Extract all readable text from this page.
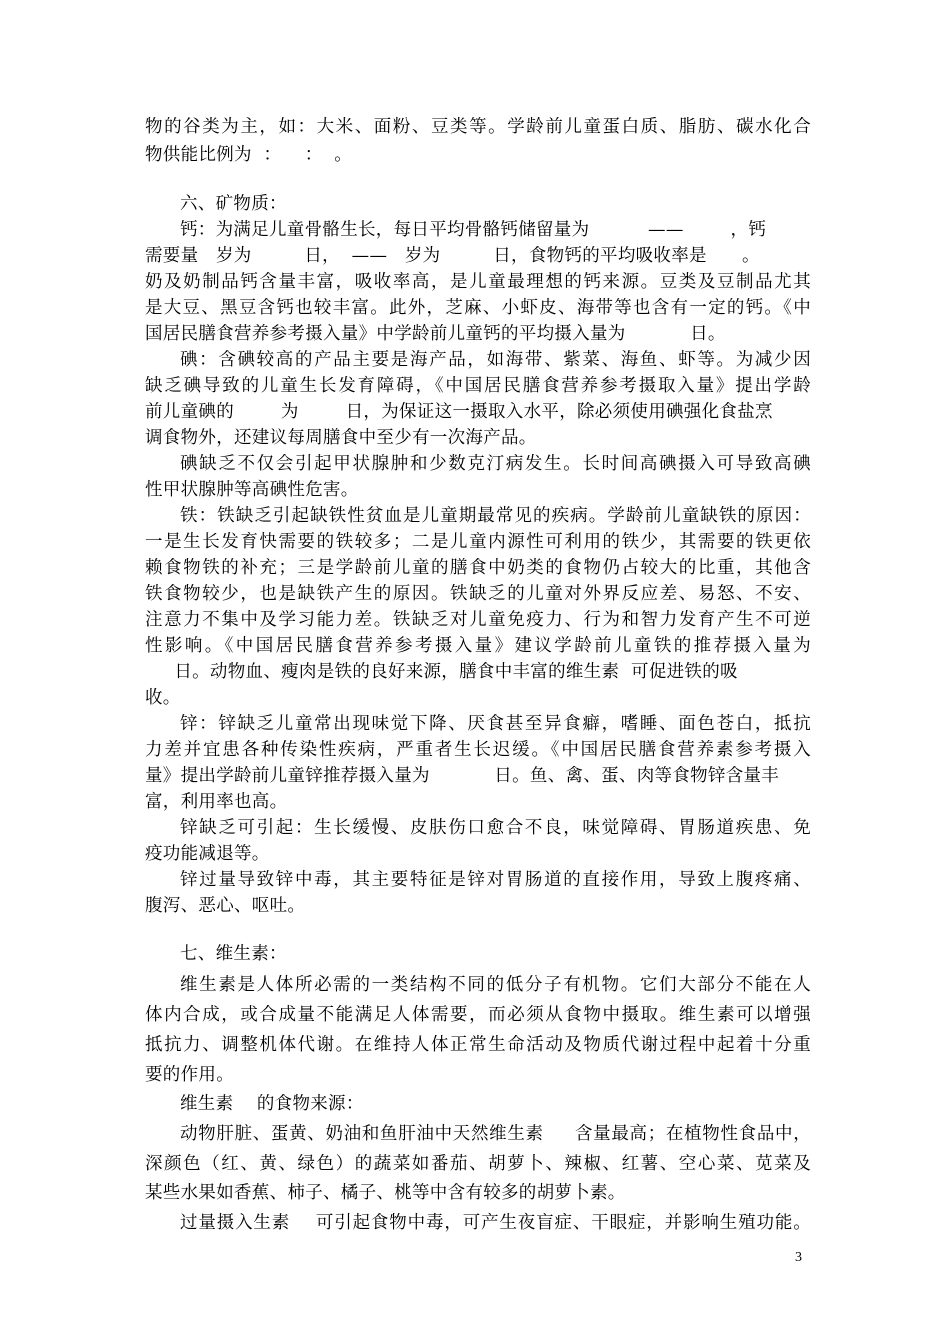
物的谷类为主，如：大米、面粉、豆类等。学龄前儿童蛋白质、脂肪、碳水化合
物供能比例为  ：    ：  。
六、矿物质：
钙：为满足儿童骨骼生长，每日平均骨骼钙储留量为          ——        ，钙
需要量   岁为         日，  ——   岁为         日，食物钙的平均吸收率是      。
奶及奶制品钙含量丰富，吸收率高，是儿童最理想的钙来源。豆类及豆制品尤其
是大豆、黑豆含钙也较丰富。此外，芝麻、小虾皮、海带等也含有一定的钙。《中
国居民膳食营养参考摄入量》中学龄前儿童钙的平均摄入量为           日。
碘：含碘较高的产品主要是海产品，如海带、紫菜、海鱼、虾等。为减少因
缺乏碘导致的儿童生长发育障碍，《中国居民膳食营养参考摄取入量》提出学龄
前儿童碘的        为        日，为保证这一摄取入水平，除必须使用碘强化食盐烹
调食物外，还建议每周膳食中至少有一次海产品。
碘缺乏不仅会引起甲状腺肿和少数克汀病发生。长时间高碘摄入可导致高碘
性甲状腺肿等高碘性危害。
铁：铁缺乏引起缺铁性贫血是儿童期最常见的疾病。学龄前儿童缺铁的原因：
一是生长发育快需要的铁较多；二是儿童内源性可利用的铁少，其需要的铁更依
赖食物铁的补充；三是学龄前儿童的膳食中奶类的食物仍占较大的比重，其他含
铁食物较少，也是缺铁产生的原因。铁缺乏的儿童对外界反应差、易怒、不安、
注意力不集中及学习能力差。铁缺乏对儿童免疫力、行为和智力发育产生不可逆
性影响。《中国居民膳食营养参考摄入量》建议学龄前儿童铁的推荐摄入量为
日。动物血、瘦肉是铁的良好来源，膳食中丰富的维生素  可促进铁的吸
收。
锌：锌缺乏儿童常出现味觉下降、厌食甚至异食癖，嗜睡、面色苍白，抵抗
力差并宜患各种传染性疾病，严重者生长迟缓。《中国居民膳食营养素参考摄入
量》提出学龄前儿童锌推荐摄入量为           日。鱼、禽、蛋、肉等食物锌含量丰
富，利用率也高。
锌缺乏可引起：生长缓慢、皮肤伤口愈合不良，味觉障碍、胃肠道疾患、免
疫功能减退等。
锌过量导致锌中毒，其主要特征是锌对胃肠道的直接作用，导致上腹疼痛、
腹泻、恶心、呕吐。
七、维生素：
维生素是人体所必需的一类结构不同的低分子有机物。它们大部分不能在人
体内合成，或合成量不能满足人体需要，而必须从食物中摄取。维生素可以增强
抵抗力、调整机体代谢。在维持人体正常生命活动及物质代谢过程中起着十分重
要的作用。
维生素    的食物来源：
动物肝脏、蛋黄、奶油和鱼肝油中天然维生素     含量最高；在植物性食品中，
深颜色（红、黄、绿色）的蔬菜如番茄、胡萝卜、辣椒、红薯、空心菜、苋菜及
某些水果如香蕉、柿子、橘子、桃等中含有较多的胡萝卜素。
过量摄入生素    可引起食物中毒，可产生夜盲症、干眼症，并影响生殖功能。
3
